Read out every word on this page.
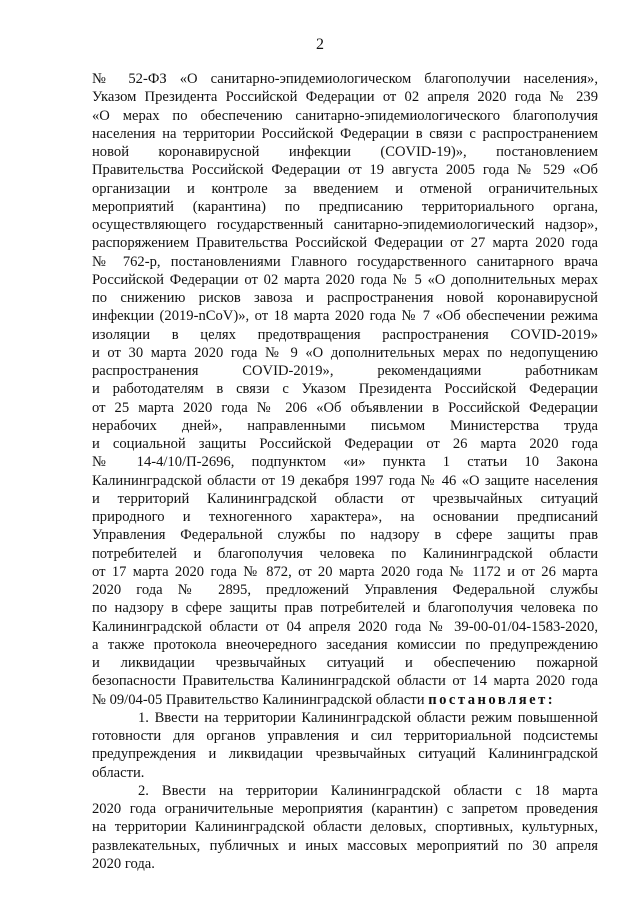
2
№ 52-ФЗ «О санитарно-эпидемиологическом благополучии населения»,
Указом Президента Российской Федерации от 02 апреля 2020 года № 239
«О мерах по обеспечению санитарно-эпидемиологического благополучия
населения на территории Российской Федерации в связи с распространением
новой коронавирусной инфекции (COVID-19)», постановлением
Правительства Российской Федерации от 19 августа 2005 года № 529 «Об
организации и контроле за введением и отменой ограничительных
мероприятий (карантина) по предписанию территориального органа,
осуществляющего государственный санитарно-эпидемиологический надзор»,
распоряжением Правительства Российской Федерации от 27 марта 2020 года
№ 762-р, постановлениями Главного государственного санитарного врача
Российской Федерации от 02 марта 2020 года № 5 «О дополнительных мерах
по снижению рисков завоза и распространения новой коронавирусной
инфекции (2019-nCoV)», от 18 марта 2020 года № 7 «Об обеспечении режима
изоляции в целях предотвращения распространения COVID-2019»
и от 30 марта 2020 года № 9 «О дополнительных мерах по недопущению
распространения COVID-2019», рекомендациями работникам
и работодателям в связи с Указом Президента Российской Федерации
от 25 марта 2020 года № 206 «Об объявлении в Российской Федерации
нерабочих дней», направленными письмом Министерства труда
и социальной защиты Российской Федерации от 26 марта 2020 года
№ 14-4/10/П-2696, подпунктом «и» пункта 1 статьи 10 Закона
Калининградской области от 19 декабря 1997 года № 46 «О защите населения
и территорий Калининградской области от чрезвычайных ситуаций
природного и техногенного характера», на основании предписаний
Управления Федеральной службы по надзору в сфере защиты прав
потребителей и благополучия человека по Калининградской области
от 17 марта 2020 года № 872, от 20 марта 2020 года № 1172 и от 26 марта
2020 года № 2895, предложений Управления Федеральной службы
по надзору в сфере защиты прав потребителей и благополучия человека по
Калининградской области от 04 апреля 2020 года № 39-00-01/04-1583-2020,
а также протокола внеочередного заседания комиссии по предупреждению
и ликвидации чрезвычайных ситуаций и обеспечению пожарной
безопасности Правительства Калининградской области от 14 марта 2020 года
№ 09/04-05 Правительство Калининградской области постановляет:
1. Ввести на территории Калининградской области режим повышенной
готовности для органов управления и сил территориальной подсистемы
предупреждения и ликвидации чрезвычайных ситуаций Калининградской
области.
2. Ввести на территории Калининградской области с 18 марта
2020 года ограничительные мероприятия (карантин) с запретом проведения
на территории Калининградской области деловых, спортивных, культурных,
развлекательных, публичных и иных массовых мероприятий по 30 апреля
2020 года.
